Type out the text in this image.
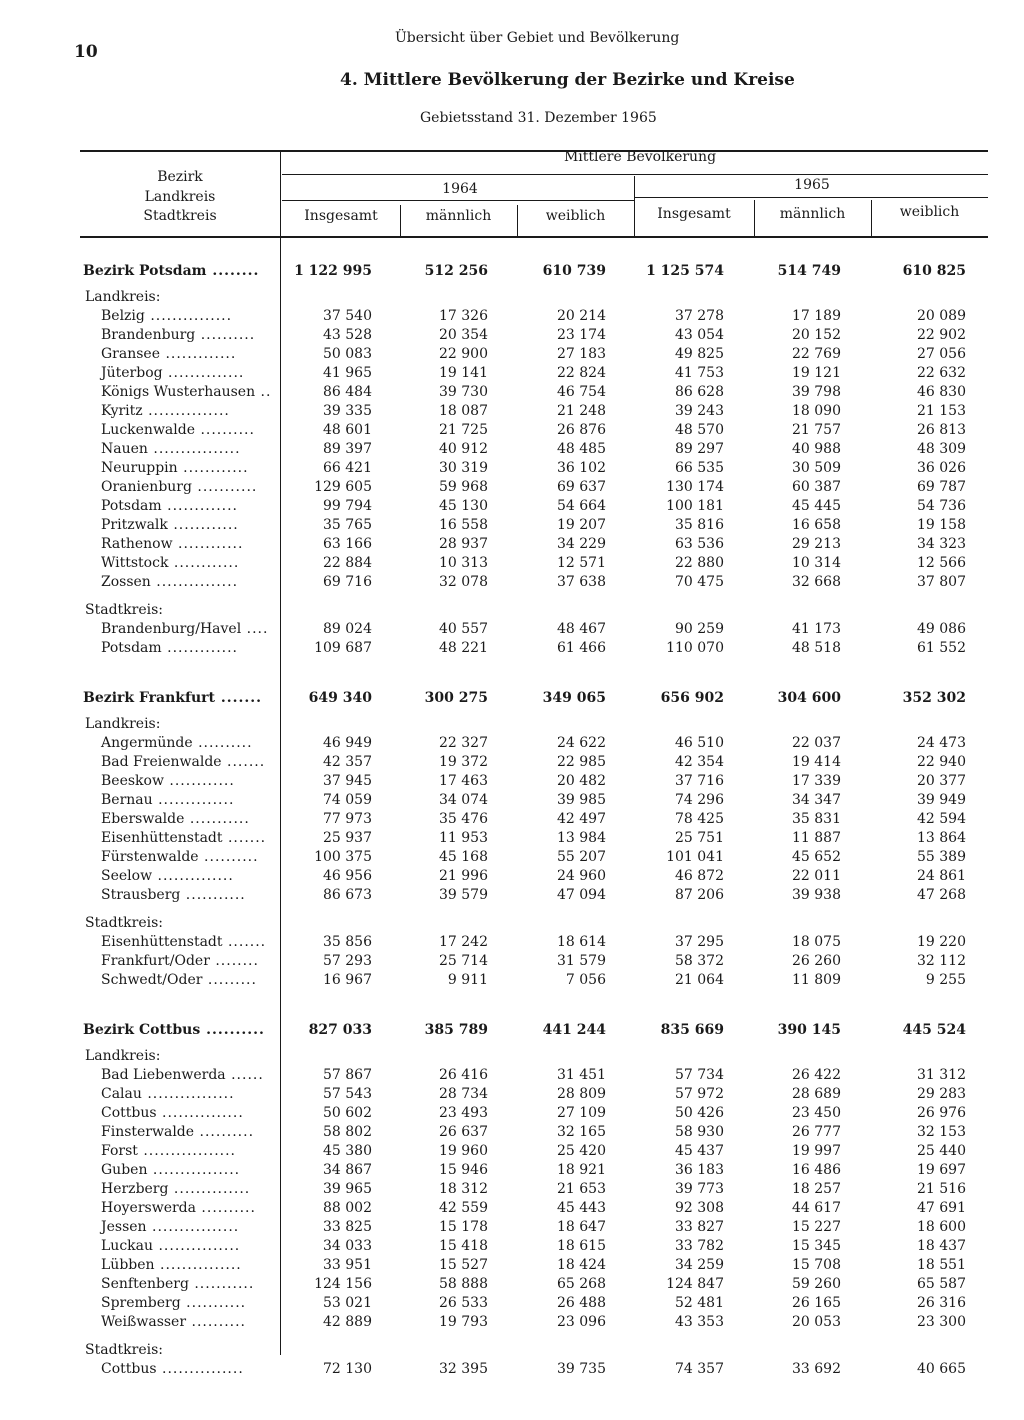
10
Übersicht über Gebiet und Bevölkerung
4. Mittlere Bevölkerung der Bezirke und Kreise
Gebietsstand 31. Dezember 1965
Bezirk
Landkreis
Stadtkreis
Mittlere Bevölkerung
1964	1965
Insgesamt	männlich	weiblich	Insgesamt	männlich	weiblich
Bezirk Potsdam ........ 1 122 995	512 256	610 739	1 125 574	514 749	610 825
Landkreis:
Belzig ...............	37 540	17 326	20 214	37 278	17 189	20 089
Brandenburg ..........	43 528	20 354	23 174	43 054	20 152	22 902
Gransee .............	50 083	22 900	27 183	49 825	22 769	27 056
Jüterbog ..............	41 965	19 141	22 824	41 753	19 121	22 632
Königs Wusterhausen ..	86 484	39 730	46 754	86 628	39 798	46 830
Kyritz ...............	39 335	18 087	21 248	39 243	18 090	21 153
Luckenwalde ..........	48 601	21 725	26 876	48 570	21 757	26 813
Nauen ................	89 397	40 912	48 485	89 297	40 988	48 309
Neuruppin ............	66 421	30 319	36 102	66 535	30 509	36 026
Oranienburg ...........	129 605	59 968	69 637	130 174	60 387	69 787
Potsdam .............	99 794	45 130	54 664	100 181	45 445	54 736
Pritzwalk ............	35 765	16 558	19 207	35 816	16 658	19 158
Rathenow ............	63 166	28 937	34 229	63 536	29 213	34 323
Wittstock ............	22 884	10 313	12 571	22 880	10 314	12 566
Zossen ...............	69 716	32 078	37 638	70 475	32 668	37 807
Stadtkreis:
Brandenburg/Havel ....	89 024	40 557	48 467	90 259	41 173	49 086
Potsdam .............	109 687	48 221	61 466	110 070	48 518	61 552
Bezirk Frankfurt .......	649 340	300 275	349 065	656 902	304 600	352 302
Landkreis:
Angermünde ..........	46 949	22 327	24 622	46 510	22 037	24 473
Bad Freienwalde .......	42 357	19 372	22 985	42 354	19 414	22 940
Beeskow ............	37 945	17 463	20 482	37 716	17 339	20 377
Bernau ..............	74 059	34 074	39 985	74 296	34 347	39 949
Eberswalde ...........	77 973	35 476	42 497	78 425	35 831	42 594
Eisenhüttenstadt .......	25 937	11 953	13 984	25 751	11 887	13 864
Fürstenwalde ..........	100 375	45 168	55 207	101 041	45 652	55 389
Seelow ..............	46 956	21 996	24 960	46 872	22 011	24 861
Strausberg ...........	86 673	39 579	47 094	87 206	39 938	47 268
Stadtkreis:
Eisenhüttenstadt .......	35 856	17 242	18 614	37 295	18 075	19 220
Frankfurt/Oder ........	57 293	25 714	31 579	58 372	26 260	32 112
Schwedt/Oder .........	16 967	9 911	7 056	21 064	11 809	9 255
Bezirk Cottbus ..........	827 033	385 789	441 244	835 669	390 145	445 524
Landkreis:
Bad Liebenwerda ......	57 867	26 416	31 451	57 734	26 422	31 312
Calau ................	57 543	28 734	28 809	57 972	28 689	29 283
Cottbus ...............	50 602	23 493	27 109	50 426	23 450	26 976
Finsterwalde ..........	58 802	26 637	32 165	58 930	26 777	32 153
Forst .................	45 380	19 960	25 420	45 437	19 997	25 440
Guben ................	34 867	15 946	18 921	36 183	16 486	19 697
Herzberg ..............	39 965	18 312	21 653	39 773	18 257	21 516
Hoyerswerda ..........	88 002	42 559	45 443	92 308	44 617	47 691
Jessen ................	33 825	15 178	18 647	33 827	15 227	18 600
Luckau ...............	34 033	15 418	18 615	33 782	15 345	18 437
Lübben ...............	33 951	15 527	18 424	34 259	15 708	18 551
Senftenberg ...........	124 156	58 888	65 268	124 847	59 260	65 587
Spremberg ...........	53 021	26 533	26 488	52 481	26 165	26 316
Weißwasser ..........	42 889	19 793	23 096	43 353	20 053	23 300
Stadtkreis:
Cottbus ...............	72 130	32 395	39 735	74 357	33 692	40 665
